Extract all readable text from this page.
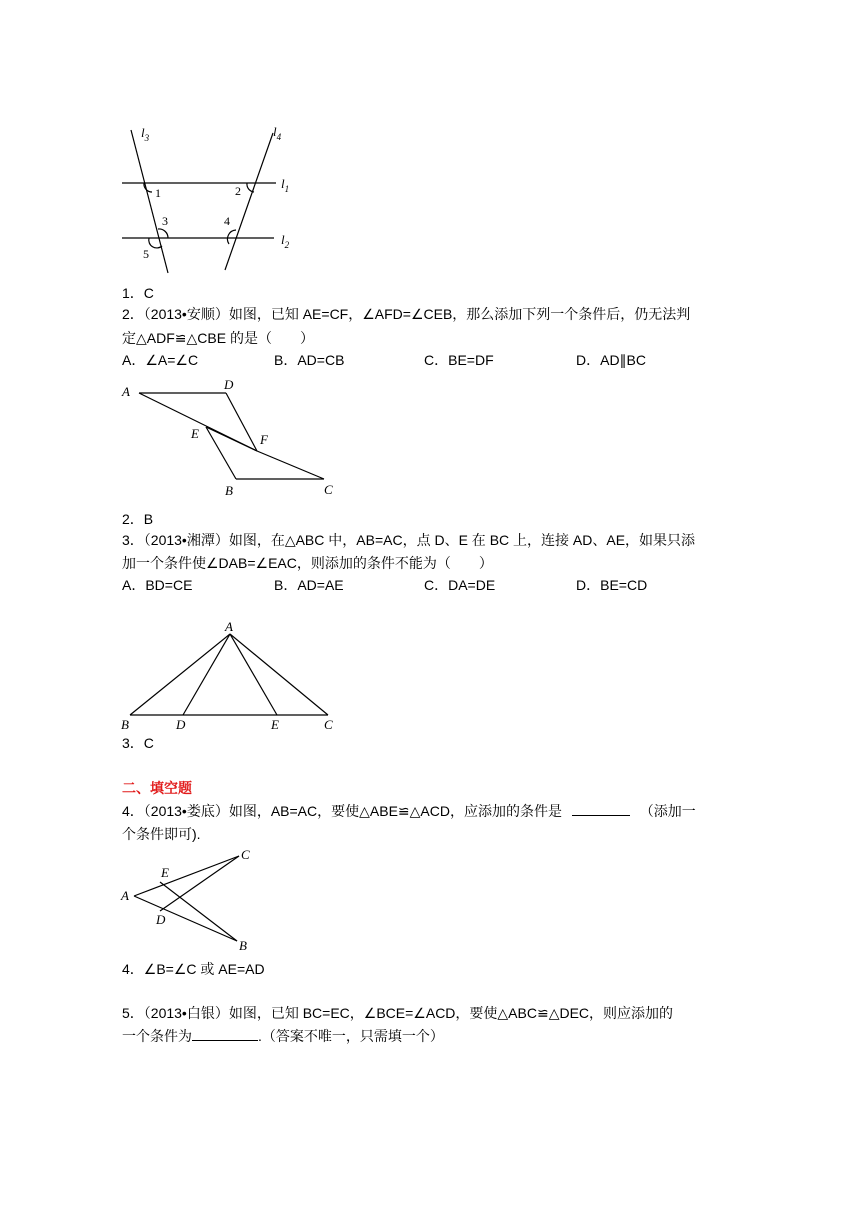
$l_3$	$l_4$
$l_1$
$l_2$
1	2
3	4
5
1．C
2．（2013•安顺）如图，已知 AE=CF，∠AFD=∠CEB，那么添加下列一个条件后，仍无法判
定△ADF≌△CBE 的是（　　）
A．∠A=∠C	B．AD=CB	C．BE=DF	D．AD∥BC
A	D
E	F
B	C
2．B
3．（2013•湘潭）如图，在△ABC 中，AB=AC，点 D、E 在 BC 上，连接 AD、AE，如果只添
加一个条件使∠DAB=∠EAC，则添加的条件不能为（　　）
A．BD=CE	B．AD=AE	C．DA=DE	D．BE=CD
A
B	D	E	C
3．C
二、填空题
4．（2013•娄底）如图，AB=AC，要使△ABE≌△ACD，应添加的条件是	（添加一
个条件即可).
A
C
E
D
B
4．∠B=∠C 或 AE=AD
5．（2013•白银）如图，已知 BC=EC，∠BCE=∠ACD，要使△ABC≌△DEC，则应添加的
一个条件为	.（答案不唯一，只需填一个）
